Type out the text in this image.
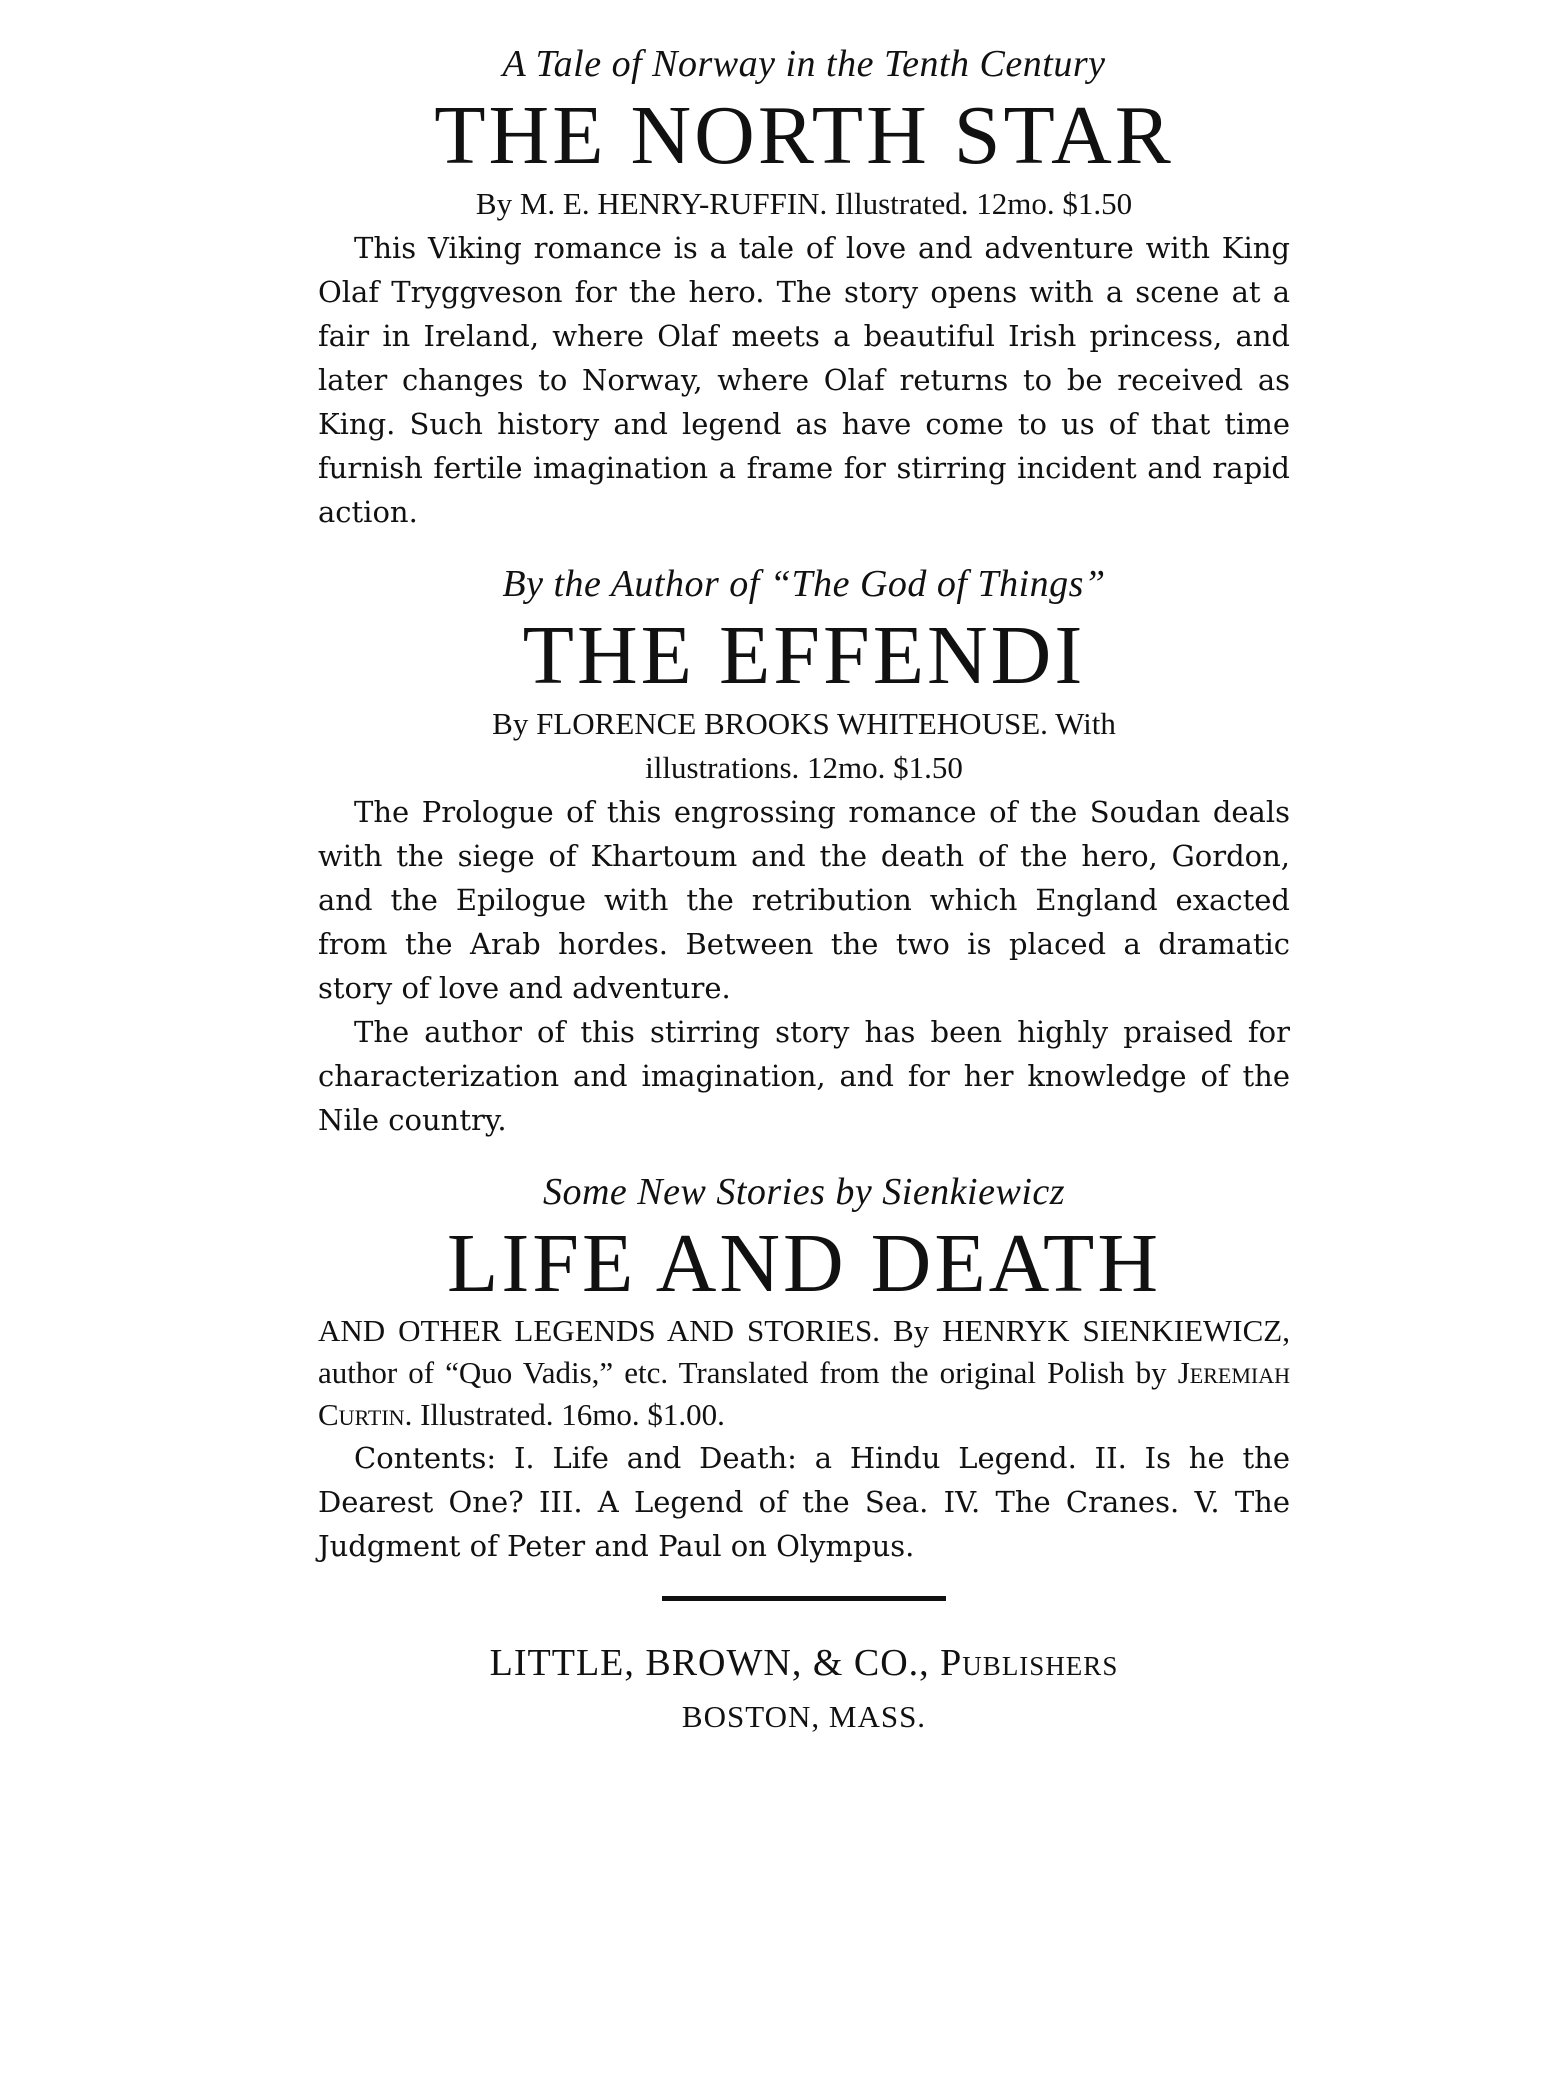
A Tale of Norway in the Tenth Century

THE NORTH STAR

By M. E. HENRY-RUFFIN. Illustrated. 12mo. $1.50

This Viking romance is a tale of love and adventure with King Olaf Tryggveson for the hero. The story opens with a scene at a fair in Ireland, where Olaf meets a beautiful Irish princess, and later changes to Norway, where Olaf returns to be received as King. Such history and legend as have come to us of that time furnish fertile imagination a frame for stirring incident and rapid action.

By the Author of “The God of Things”

THE EFFENDI

By FLORENCE BROOKS WHITEHOUSE. With

illustrations. 12mo. $1.50

The Prologue of this engrossing romance of the Soudan deals with the siege of Khartoum and the death of the hero, Gordon, and the Epilogue with the retribution which England exacted from the Arab hordes. Between the two is placed a dramatic story of love and adventure.

The author of this stirring story has been highly praised for characterization and imagination, and for her knowledge of the Nile country.

Some New Stories by Sienkiewicz

LIFE AND DEATH

AND OTHER LEGENDS AND STORIES. By HENRYK SIENKIEWICZ, author of “Quo Vadis,” etc. Translated from the original Polish by Jeremiah Curtin. Illustrated. 16mo. $1.00.

Contents: I. Life and Death: a Hindu Legend. II. Is he the Dearest One? III. A Legend of the Sea. IV. The Cranes. V. The Judgment of Peter and Paul on Olympus.

LITTLE, BROWN, & CO., Publishers

BOSTON, MASS.
